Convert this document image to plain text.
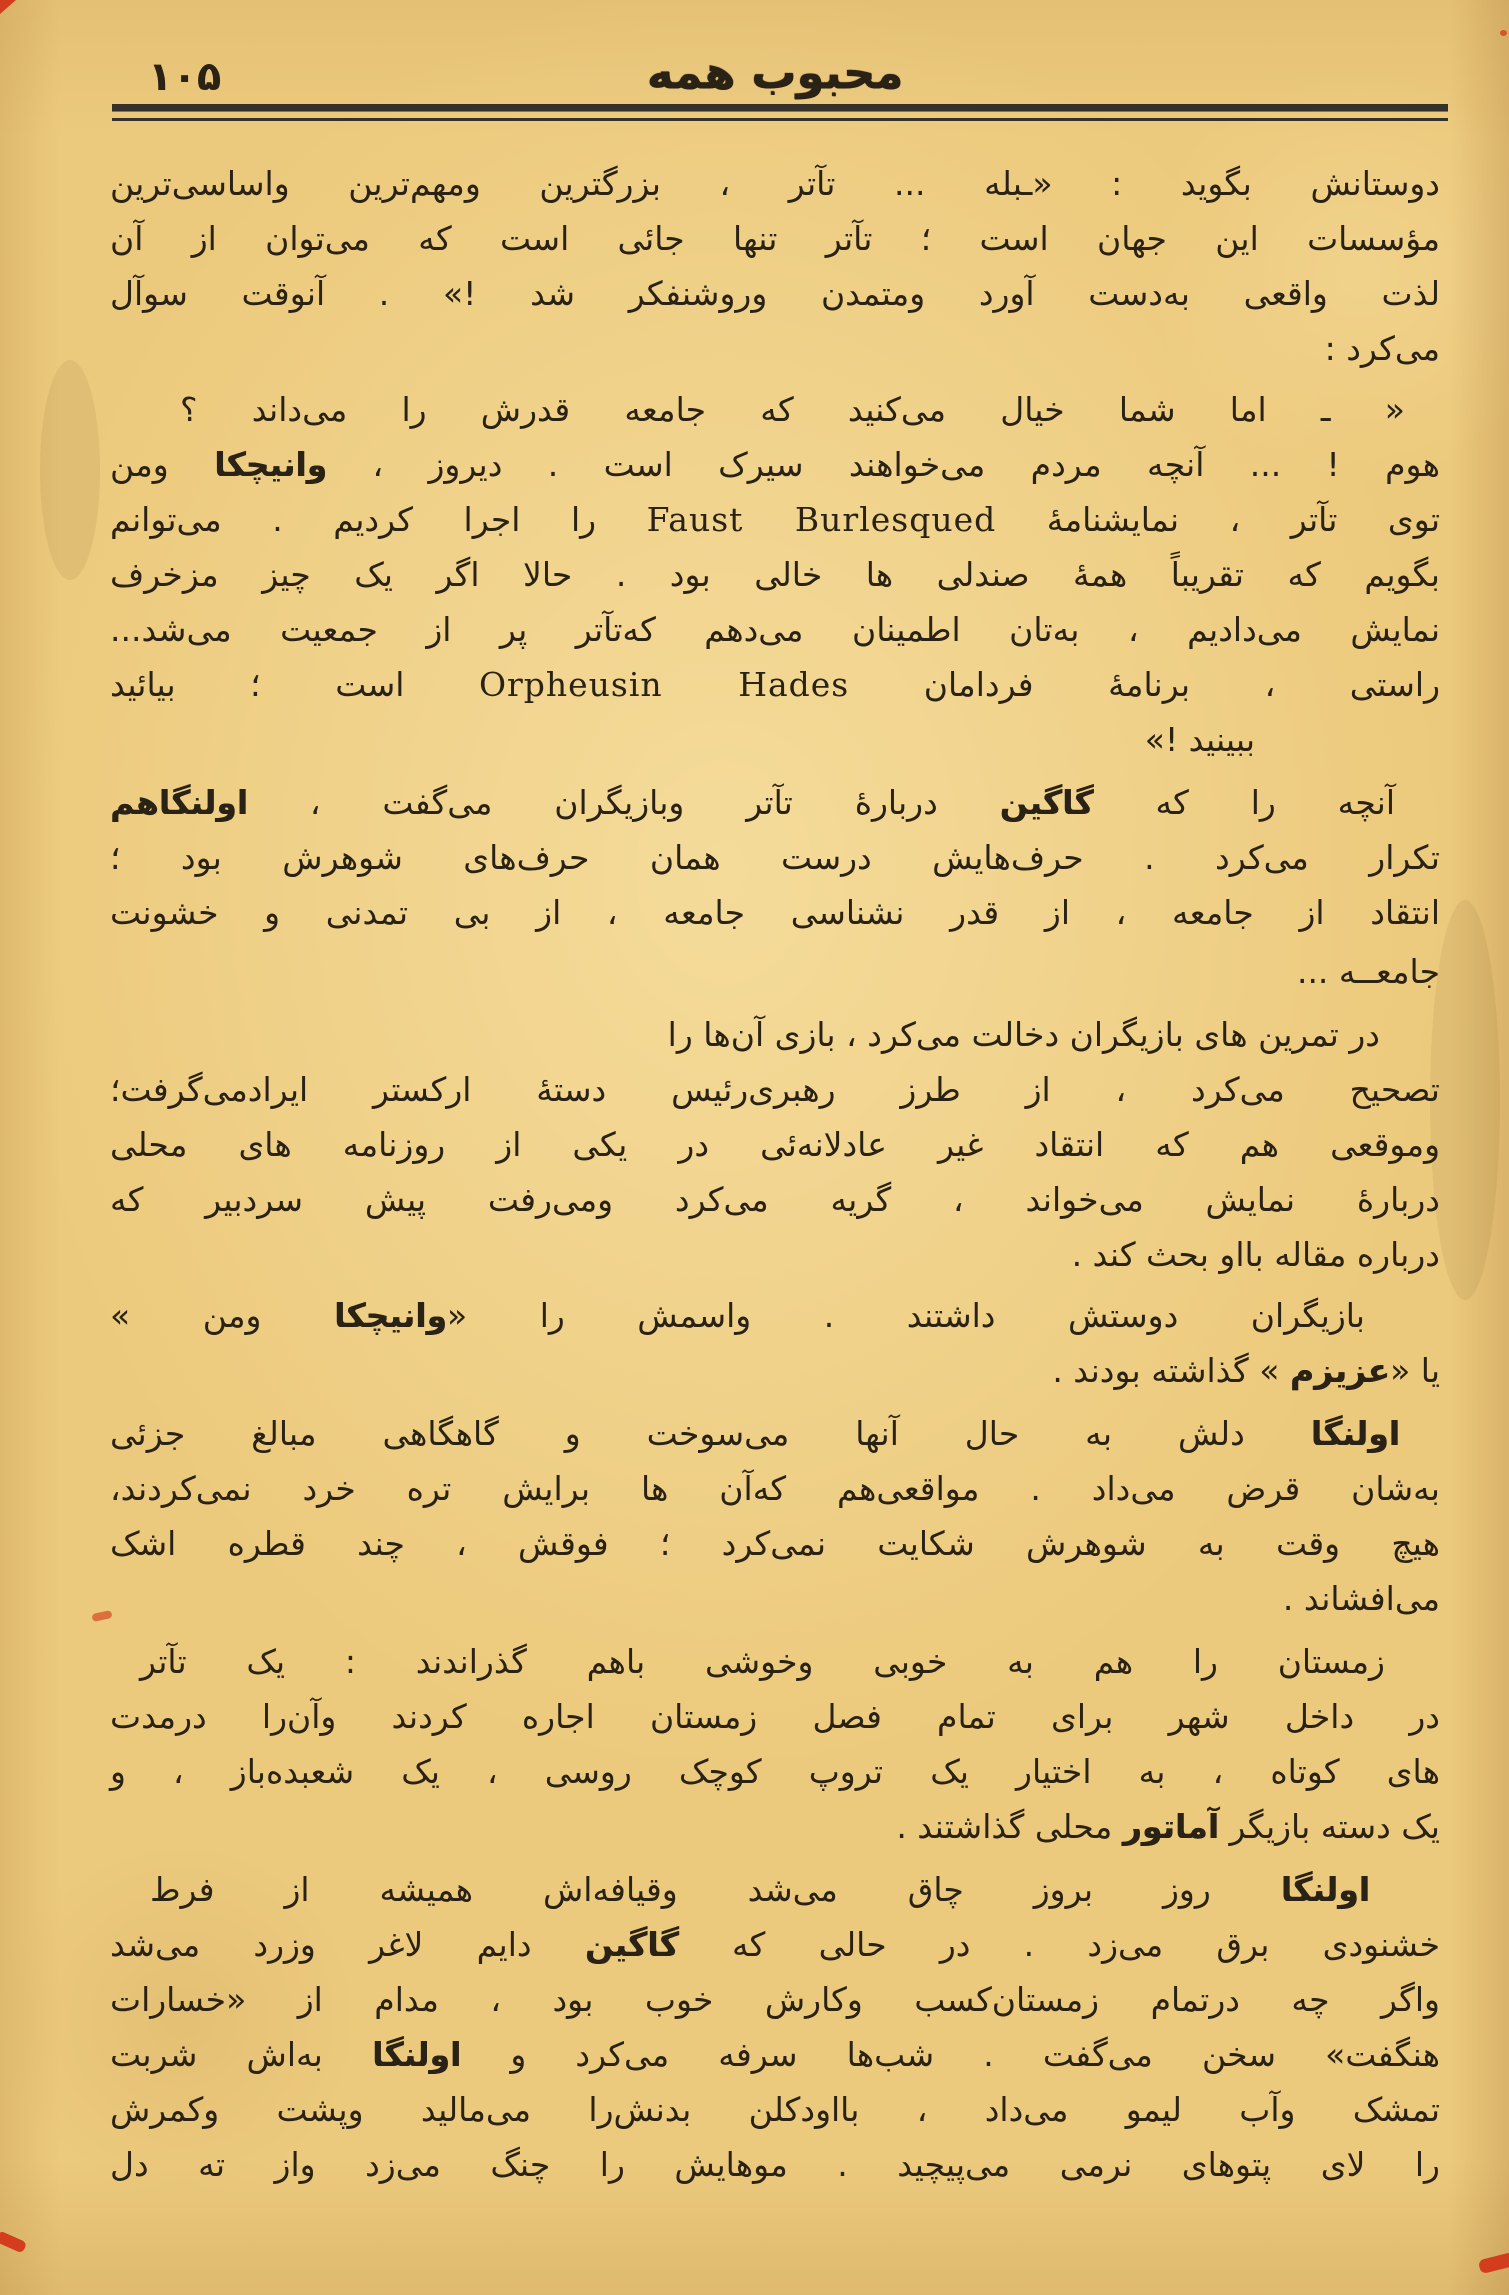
۱۰۵	محبوب همه
دوستانش بگوید : «ـبله ... تآتر ، بزرگترین ومهم‌ترین واساسی‌ترین
مؤسسات این جهان است ؛ تآتر تنها جائی است که می‌توان از آن
لذت واقعی به‌دست آورد ومتمدن وروشنفکر شد !» . آنوقت سوآل
می‌کرد :
« ـ اما شما خیال می‌کنید که جامعه قدرش را می‌داند ؟
هوم ! ... آنچه مردم می‌خواهند سیرک است . دیروز ، وانیچکا ومن
توی تآتر ، نمایشنامهٔ Faust Burlesqued را اجرا کردیم . می‌توانم
بگویم که تقریباً همهٔ صندلی ها خالی بود . حالا اگر یک چیز مزخرف
نمایش می‌دادیم ، به‌تان اطمینان می‌دهم که‌تآتر پر از جمعیت می‌شد...
راستی ، برنامهٔ فردامان Orpheusin Hades است ؛ بیائید
ببینید !»
آنچه را که گاگین دربارهٔ تآتر وبازیگران می‌گفت ، اولنگاهم
تکرار می‌کرد . حرف‌هایش درست همان حرف‌های شوهرش بود ؛
انتقاد از جامعه ، از قدر نشناسی جامعه ، از بی تمدنی و خشونت
جامعــه ...
در تمرین های بازیگران دخالت می‌کرد ، بازی آن‌ها را
تصحیح می‌کرد ، از طرز رهبری‌رئیس دستهٔ ارکستر ایرادمی‌گرفت؛
وموقعی هم که انتقاد غیر عادلانه‌ئی در یکی از روزنامه های محلی
دربارهٔ نمایش می‌خواند ، گریه می‌کرد ومی‌رفت پیش سردبیر که
درباره مقاله بااو بحث کند .
بازیگران دوستش داشتند . واسمش را «وانیچکا ومن »
یا «عزیزم » گذاشته بودند .
اولنگا دلش به حال آنها می‌سوخت و گاهگاهی مبالغ جزئی
به‌شان قرض می‌داد . مواقعی‌هم که‌آن ها برایش تره خرد نمی‌کردند،
هیچ وقت به شوهرش شکایت نمی‌کرد ؛ فوقش ، چند قطره اشک
می‌افشاند .
زمستان را هم به خوبی وخوشی باهم گذراندند : یک تآتر
در داخل شهر برای تمام فصل زمستان اجاره کردند وآن‌را درمدت
های کوتاه ، به اختیار یک تروپ کوچک روسی ، یک شعبده‌باز ، و
یک دسته بازیگر آماتور محلی گذاشتند .
اولنگا روز بروز چاق می‌شد وقیافه‌اش همیشه از فرط
خشنودی برق می‌زد . در حالی که گاگین دایم لاغر وزرد می‌شد
واگر چه درتمام زمستان‌کسب وکارش خوب بود ، مدام از «خسارات
هنگفت» سخن می‌گفت . شب‌ها سرفه می‌کرد و اولنگا به‌اش شربت
تمشک وآب لیمو می‌داد ، بااودکلن بدنش‌را می‌مالید وپشت وکمرش
را لای پتوهای نرمی می‌پیچید . موهایش را چنگ می‌زد واز ته دل
